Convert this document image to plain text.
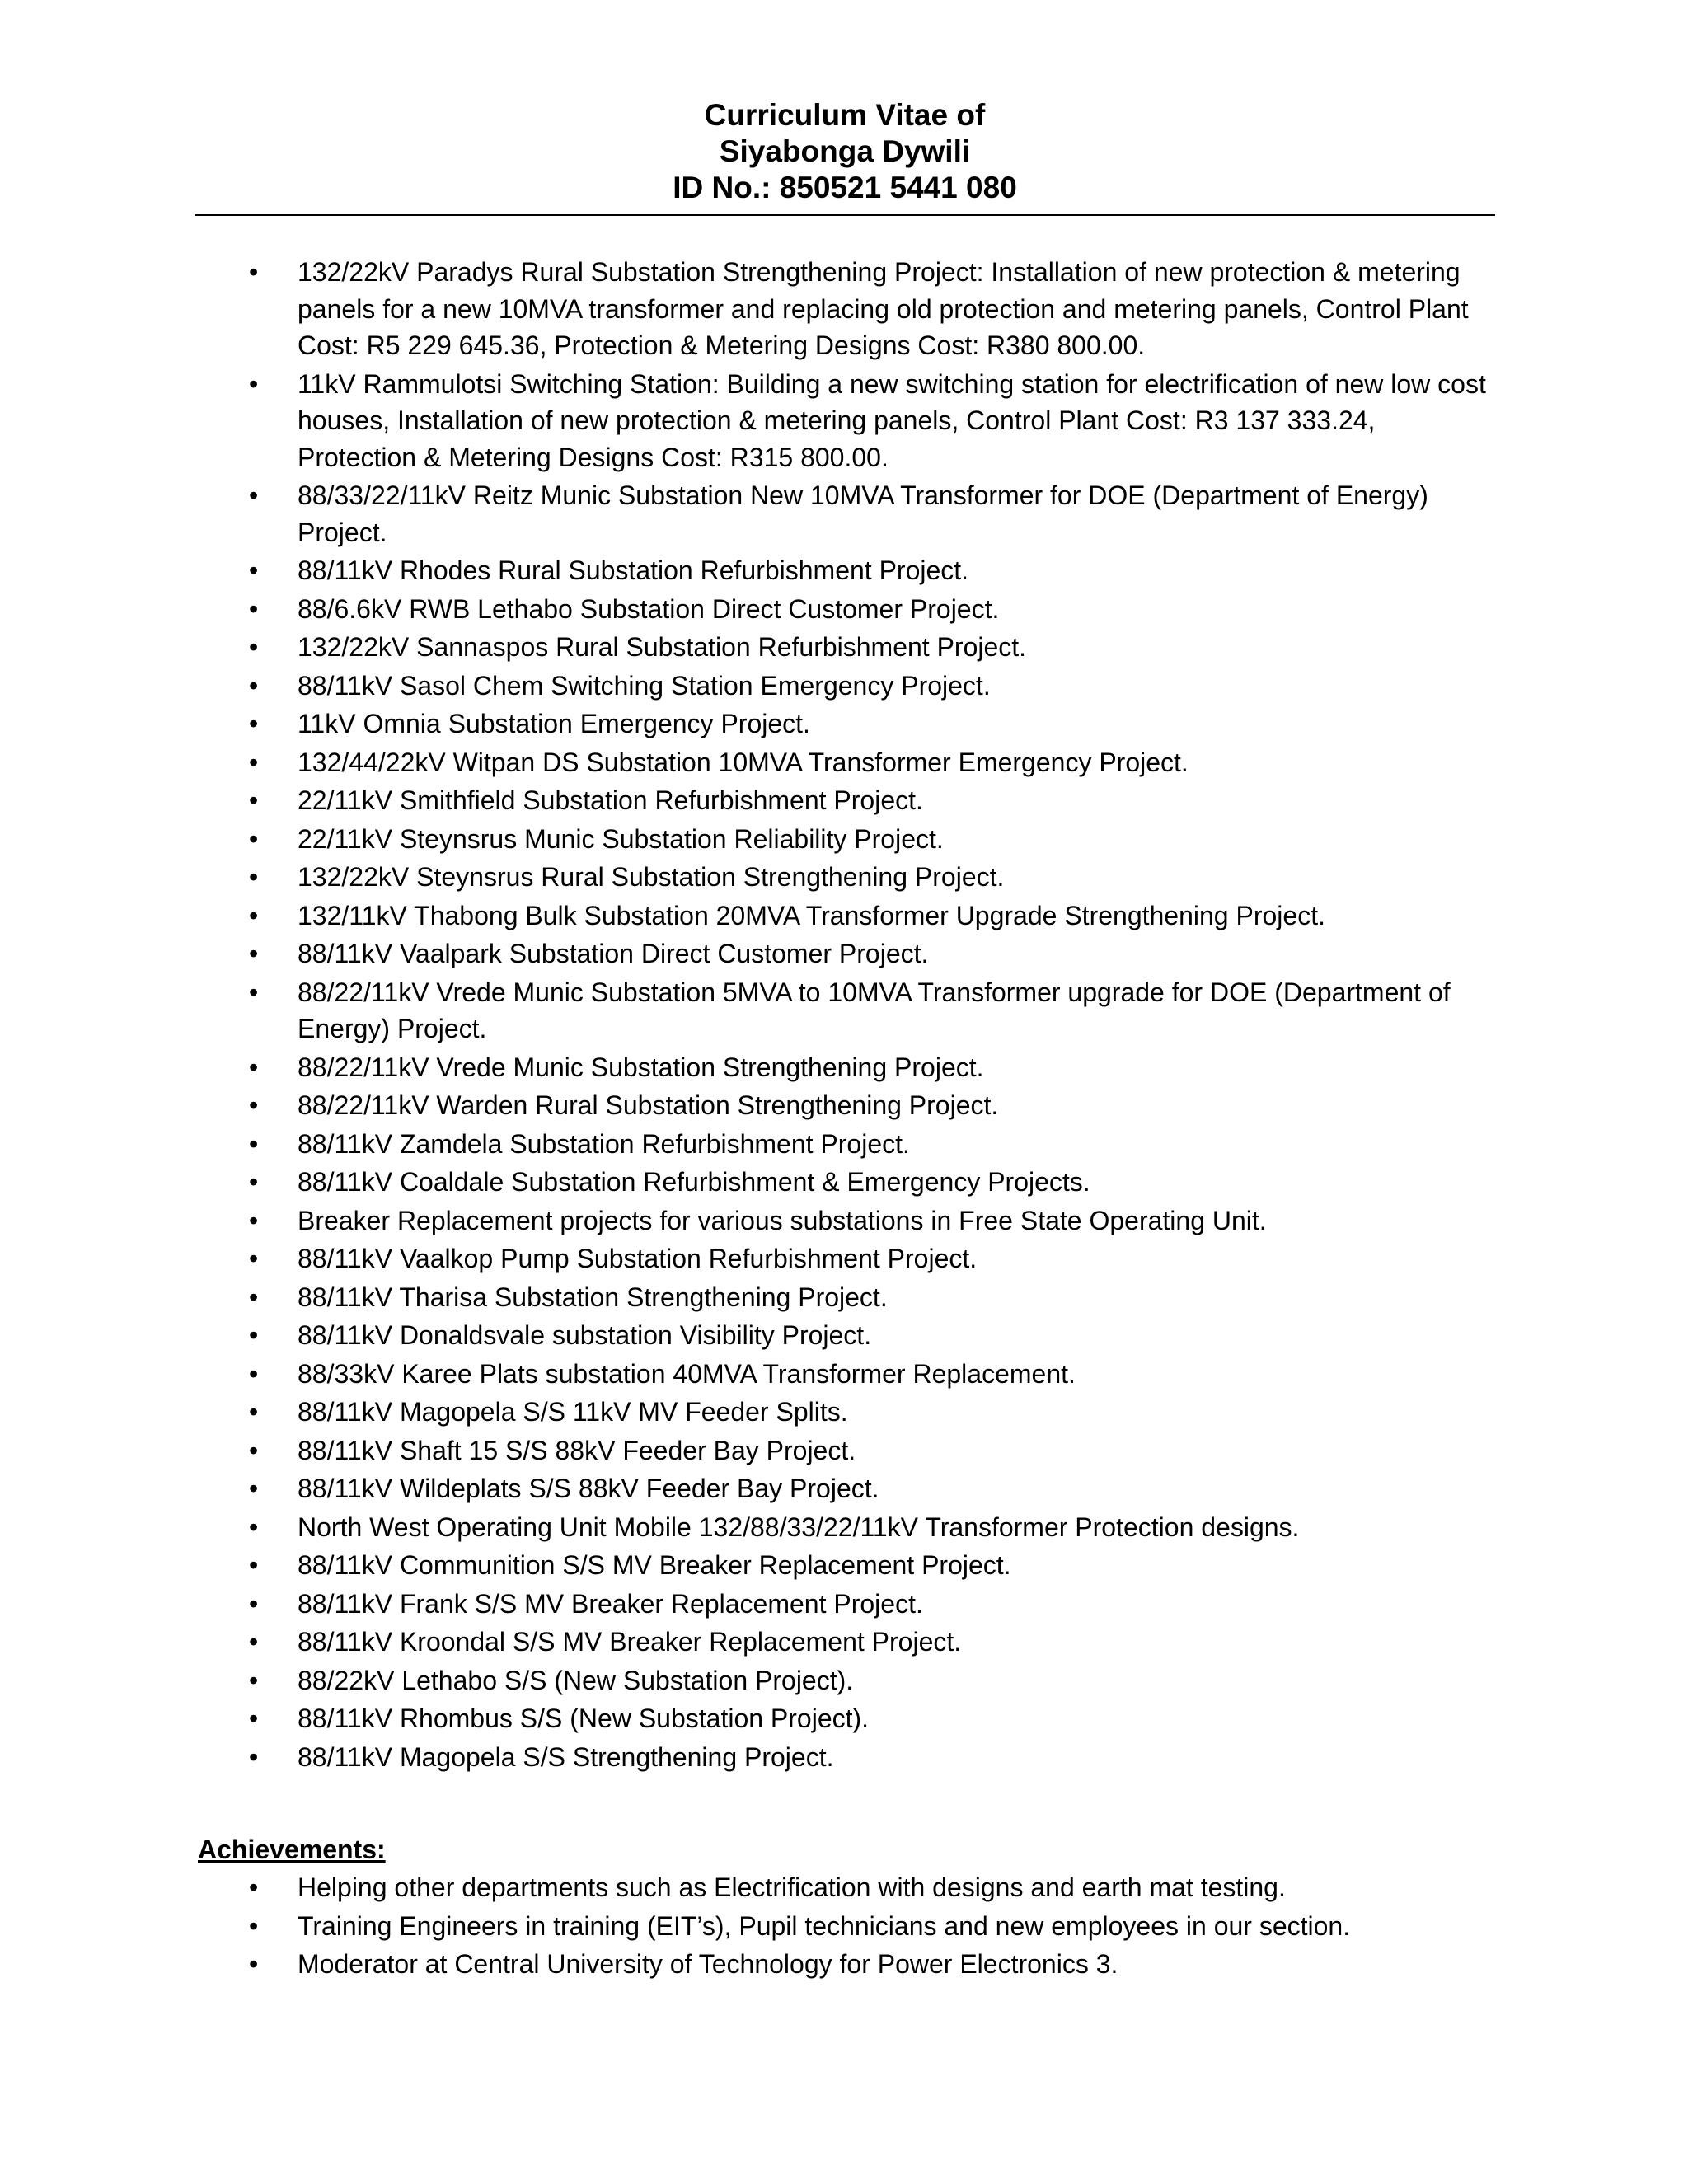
Curriculum Vitae of
Siyabonga Dywili
ID No.: 850521 5441 080
• 132/22kV Paradys Rural Substation Strengthening Project: Installation of new protection & metering panels for a new 10MVA transformer and replacing old protection and metering panels, Control Plant Cost: R5 229 645.36, Protection & Metering Designs Cost: R380 800.00.
• 11kV Rammulotsi Switching Station: Building a new switching station for electrification of new low cost houses, Installation of new protection & metering panels, Control Plant Cost: R3 137 333.24, Protection & Metering Designs Cost: R315 800.00.
• 88/33/22/11kV Reitz Munic Substation New 10MVA Transformer for DOE (Department of Energy) Project.
• 88/11kV Rhodes Rural Substation Refurbishment Project.
• 88/6.6kV RWB Lethabo Substation Direct Customer Project.
• 132/22kV Sannaspos Rural Substation Refurbishment Project.
• 88/11kV Sasol Chem Switching Station Emergency Project.
• 11kV Omnia Substation Emergency Project.
• 132/44/22kV Witpan DS Substation 10MVA Transformer Emergency Project.
• 22/11kV Smithfield Substation Refurbishment Project.
• 22/11kV Steynsrus Munic Substation Reliability Project.
• 132/22kV Steynsrus Rural Substation Strengthening Project.
• 132/11kV Thabong Bulk Substation 20MVA Transformer Upgrade Strengthening Project.
• 88/11kV Vaalpark Substation Direct Customer Project.
• 88/22/11kV Vrede Munic Substation 5MVA to 10MVA Transformer upgrade for DOE (Department of Energy) Project.
• 88/22/11kV Vrede Munic Substation Strengthening Project.
• 88/22/11kV Warden Rural Substation Strengthening Project.
• 88/11kV Zamdela Substation Refurbishment Project.
• 88/11kV Coaldale Substation Refurbishment & Emergency Projects.
• Breaker Replacement projects for various substations in Free State Operating Unit.
• 88/11kV Vaalkop Pump Substation Refurbishment Project.
• 88/11kV Tharisa Substation Strengthening Project.
• 88/11kV Donaldsvale substation Visibility Project.
• 88/33kV Karee Plats substation 40MVA Transformer Replacement.
• 88/11kV Magopela S/S 11kV MV Feeder Splits.
• 88/11kV Shaft 15 S/S 88kV Feeder Bay Project.
• 88/11kV Wildeplats S/S 88kV Feeder Bay Project.
• North West Operating Unit Mobile 132/88/33/22/11kV Transformer Protection designs.
• 88/11kV Communition S/S MV Breaker Replacement Project.
• 88/11kV Frank S/S MV Breaker Replacement Project.
• 88/11kV Kroondal S/S MV Breaker Replacement Project.
• 88/22kV Lethabo S/S (New Substation Project).
• 88/11kV Rhombus S/S (New Substation Project).
• 88/11kV Magopela S/S Strengthening Project.
Achievements:
• Helping other departments such as Electrification with designs and earth mat testing.
• Training Engineers in training (EIT’s), Pupil technicians and new employees in our section.
• Moderator at Central University of Technology for Power Electronics 3.
